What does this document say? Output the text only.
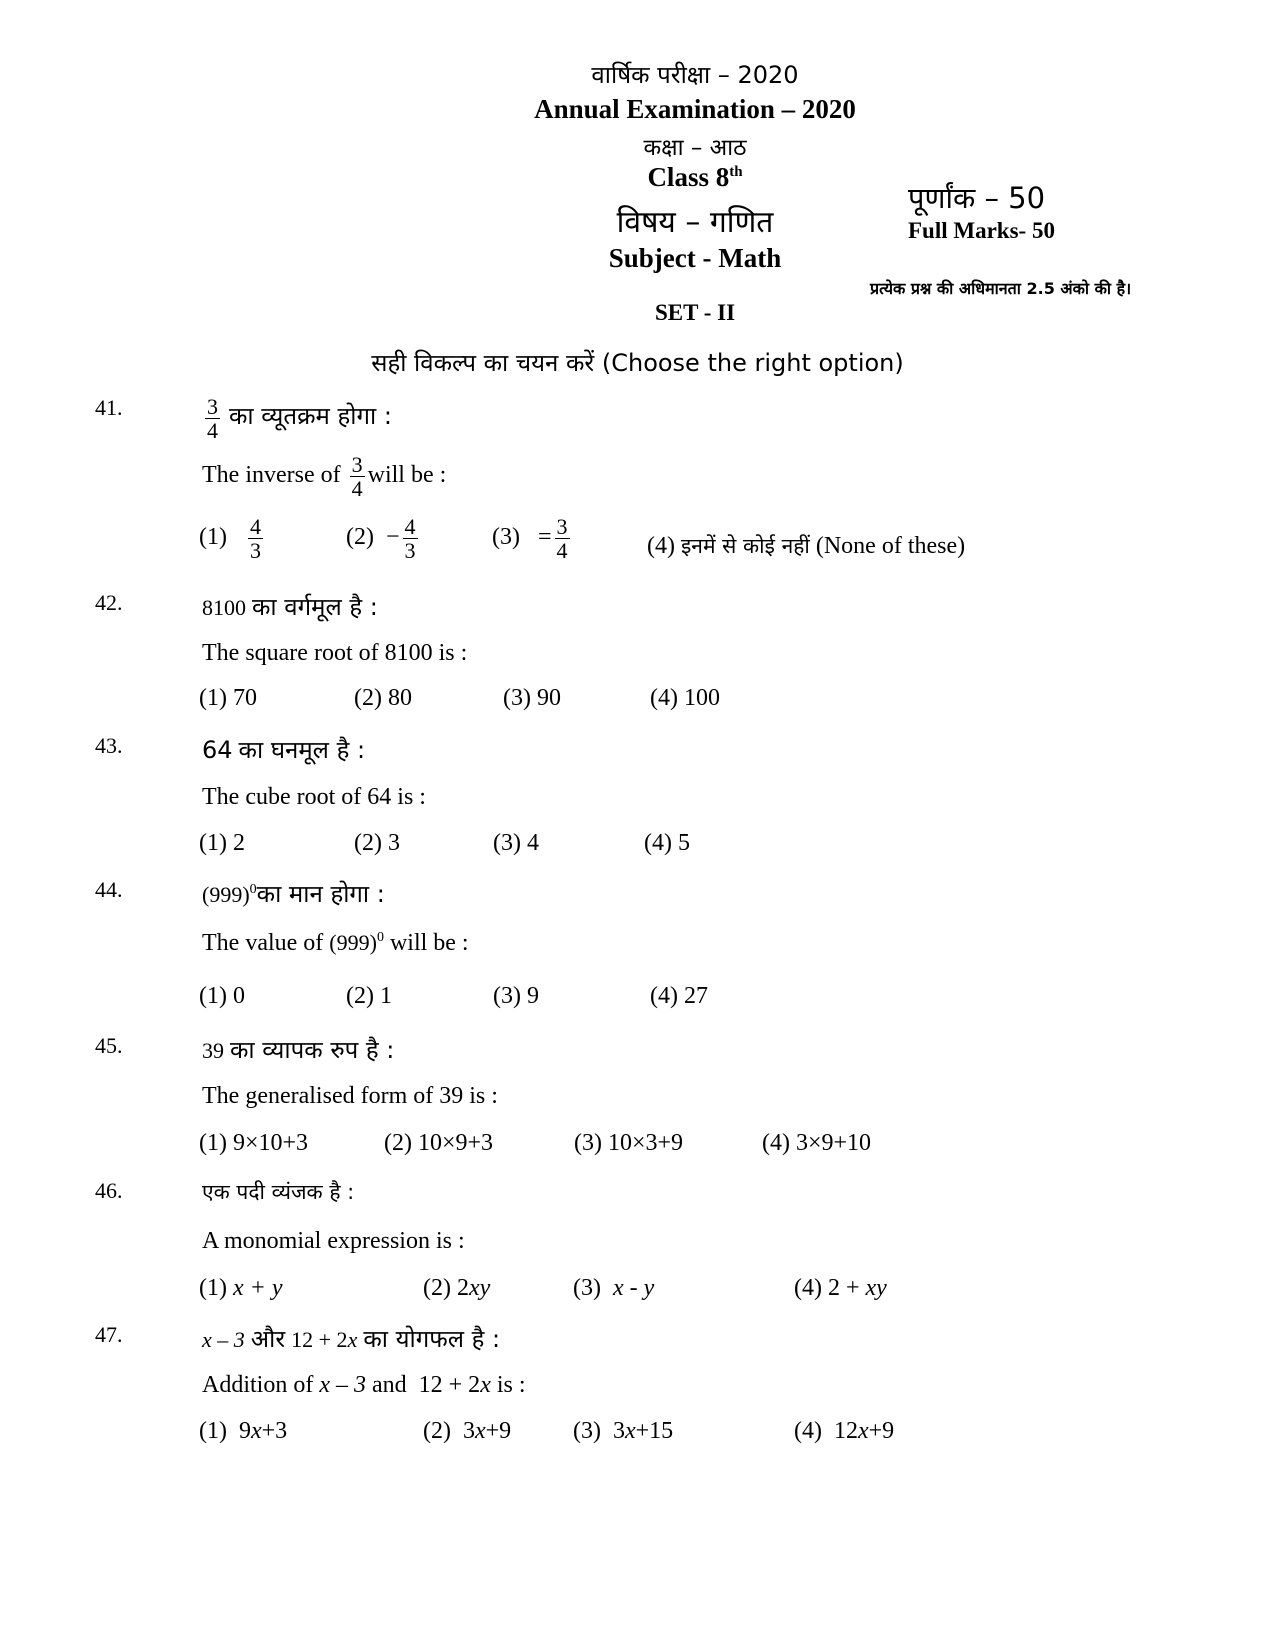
वार्षिक परीक्षा – 2020
Annual Examination – 2020
कक्षा – आठ
Class 8th
विषय – गणित
Subject - Math
पूर्णांक – 50
Full Marks- 50
प्रत्येक प्रश्न की अधिमानता 2.5 अंको की है।
SET - II
सही विकल्प का चयन करें (Choose the right option)
41.	$\frac{3}{4}$ का व्यूतक्रम होगा :
The inverse of $\frac{3}{4}$ will be :
$(1) \frac{4}{3}$	$(2) - \frac{4}{3}$	$(3) = \frac{3}{4}$	(4) इनमें से कोई नहीं (None of these)
42.	8100 का वर्गमूल है :
The square root of 8100 is :
(1) 70	(2) 80	(3) 90	(4) 100
43.	64 का घनमूल है :
The cube root of 64 is :
(1) 2	(2) 3	(3) 4	(4) 5
44.	$(999)^0का$ मान होगा :
The value of $(999)^0$ will be :
(1) 0	(2) 1	(3) 9	(4) 27
45.	39 का व्यापक रुप है :
The generalised form of 39 is :
(1) 9×10+3	(2) 10×9+3	(3) 10×3+9	(4) 3×9+10
46.	एक पदी व्यंजक है :
A monomial expression is :
(1) x + y	(2) 2xy	(3)  x - y	(4) 2 + xy
47.	x – 3 और 12 + 2x का योगफल है :
Addition of x – 3 and 12 + 2x is :
(1) 9x+3	(2) 3x+9	(3) 3x+15	(4) 12x+9
